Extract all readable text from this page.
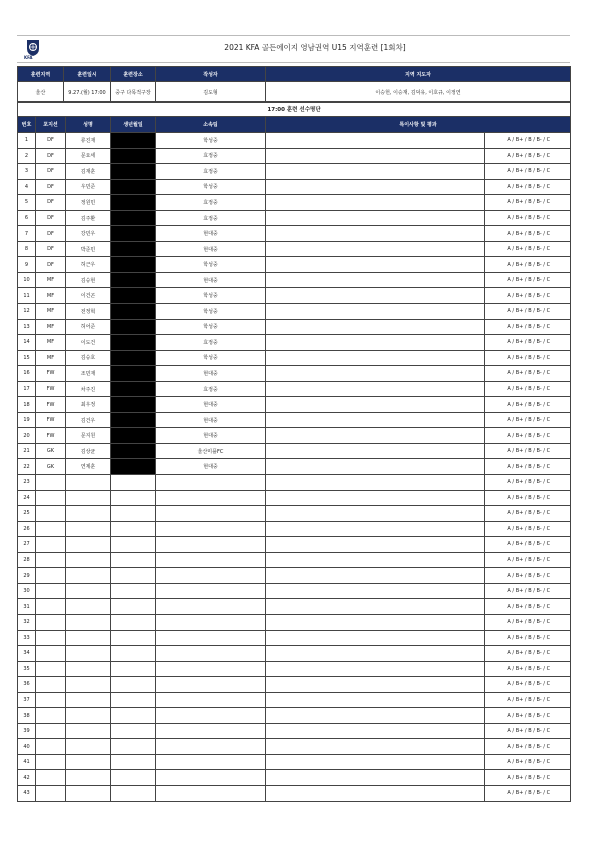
KFA
2021 KFA 골든에이지 영남권역 U15 지역훈련 [1회차]
훈련지역	훈련일시	훈련장소	작성자	지역 지도자
울산	9.27.(월) 17:00	중구 다목적구장	김도형	이승헌, 이승재, 김덕유, 이호규, 이정연
17:00 훈련 선수명단						
번호	포지션	성명	생년월일	소속팀	특이사항 및 평과	
1	DF	류진재		학성중		A / B+ / B / B- / C
2	DF	문요세		효정중		A / B+ / B / B- / C
3	DF	김재훈		효정중		A / B+ / B / B- / C
4	DF	우민준		학성중		A / B+ / B / B- / C
5	DF	정원민		효정중		A / B+ / B / B- / C
6	DF	김주환		효정중		A / B+ / B / B- / C
7	DF	강민우		현대중		A / B+ / B / B- / C
8	DF	박준민		현대중		A / B+ / B / B- / C
9	DF	허근우		학성중		A / B+ / B / B- / C
10	MF	김승현		현대중		A / B+ / B / B- / C
11	MF	이건곤		학성중		A / B+ / B / B- / C
12	MF	전정혁		학성중		A / B+ / B / B- / C
13	MF	허어준		학성중		A / B+ / B / B- / C
14	MF	이도건		효정중		A / B+ / B / B- / C
15	MF	김승호		학성중		A / B+ / B / B- / C
16	FW	조민재		현대중		A / B+ / B / B- / C
17	FW	차주진		효정중		A / B+ / B / B- / C
18	FW	최우정		현대중		A / B+ / B / B- / C
19	FW	김건우		현대중		A / B+ / B / B- / C
20	FW	문지원		현대중		A / B+ / B / B- / C
21	GK	김상균		울산미플FC		A / B+ / B / B- / C
22	GK	연제훈		현대중		A / B+ / B / B- / C
23						A / B+ / B / B- / C
24						A / B+ / B / B- / C
25						A / B+ / B / B- / C
26						A / B+ / B / B- / C
27						A / B+ / B / B- / C
28						A / B+ / B / B- / C
29						A / B+ / B / B- / C
30						A / B+ / B / B- / C
31						A / B+ / B / B- / C
32						A / B+ / B / B- / C
33						A / B+ / B / B- / C
34						A / B+ / B / B- / C
35						A / B+ / B / B- / C
36						A / B+ / B / B- / C
37						A / B+ / B / B- / C
38						A / B+ / B / B- / C
39						A / B+ / B / B- / C
40						A / B+ / B / B- / C
41						A / B+ / B / B- / C
42						A / B+ / B / B- / C
43						A / B+ / B / B- / C
